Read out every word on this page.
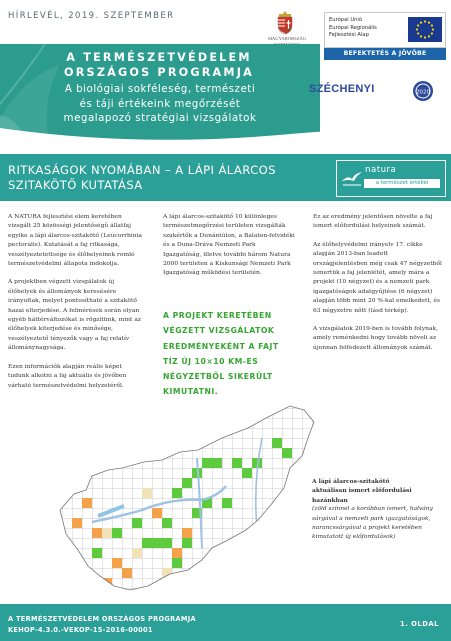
HÍRLEVÉL, 2019. SZEPTEMBER
MAGYARORSZÁG
Európai Unió
Európai Regionális
Fejlesztési Alap
BEFEKTETÉS A JÖVŐBE
A TERMÉSZETVÉDELEM
ORSZÁGOS PROGRAMJA
A biológiai sokféleség, természeti
és táji értékeink megőrzését
megalapozó stratégiai vizsgálatok
SZÉCHENYI	2020
RITKASÁGOK NYOMÁBAN – A LÁPI ÁLARCOS
SZITAKÖTŐ KUTATÁSA
natura
a természet értékei

A NATURA fejlesztési elem keretében vizsgált 25 közösségi jelentőségű állatfaj egyike a lápi álarcos-szitakötő (Leucorrhinia pectoralis). Kutatását a faj ritkasága, veszélyeztetettsége és élőhelyeinek romló természetvédelmi állapota indokolja.

A projektben végzett vizsgálatok új élőhelyek és állományok keresésére irányultak, melyet pontosítható a szitakötő hazai elterjedése. A felmérések során olyan egyéb háttérváltozókat is rögzítünk, mint az élőhelyek kiterjedése és minősége, veszélyeztető tényezők vagy a faj relatív állománynagysága.

Ezen információk alapján reális képet tudunk alkotni a faj aktuális és jövőben várható természetvédelmi helyzetéről.

A lápi álarcos-szitakötő 10 különleges természetmegőrzési területen vizsgálták szakértők a Dunántúlon, a Balaton-felvidéki és a Duna-Dráva Nemzeti Park Igazgatóság, illetve további három Natura 2000 területen a Kiskunsági Nemzeti Park Igazgatóság működési területén.

A PROJEKT KERETÉBEN
VÉGZETT VIZSGÁLATOK
EREDMÉNYEKÉNT A FAJT
TÍZ ÚJ 10×10 KM-ES
NÉGYZETBŐL SIKERÜLT
KIMUTATNI.

Ez az eredmény jelentősen növelte a faj ismert előfordulási helyeinek számát.

Az élőhelyvédelmi irányelv 17. cikke alapján 2013-ban leadott országjelentésben még csak 47 négyzetből ismertük a faj jelenlétét, amely mára a projekt (10 négyzet) és a nemzeti park igazgatóságok adatgyűjtése (6 négyzet) alapján több mint 20 %-kal emelkedett, és 63 négyzetre nőtt (lásd térkép).

A vizsgálatok 2019-ben is tovább folynak, amely reménkedni hogy tovább növeli az újonnan felfedezett állományok számát.

A lápi álarcos-szitakötő
aktuálisan ismert előfordulási
hazánkban
(zöld színnel a korábban ismert, halvány sárgával a nemzeti park igazgatóságok, narancssárgával a projekt keretében kimutatott új előfordulások)
A TERMÉSZETVÉDELEM ORSZÁGOS PROGRAMJA
KEHOP-4.3.0.-VEKOP-15-2016-00001
1. OLDAL
